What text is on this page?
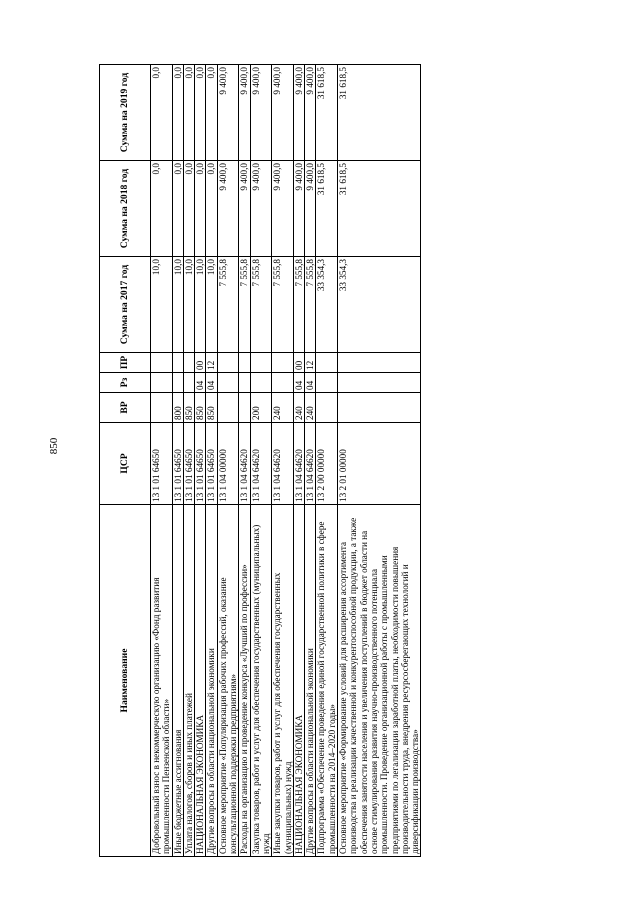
850
Наименование	ЦСР	ВР	Рз	ПР	Сумма на 2017 год	Сумма на 2018 год	Сумма на 2019 год
Добровольный взнос в некоммерческую организацию «Фонд развития промышленности Пензенской области»	13 1 01 64650				10,0	0,0	0,0
Иные бюджетные ассигнования	13 1 01 64650	800			10,0	0,0	0,0
Уплата налогов, сборов и иных платежей	13 1 01 64650	850			10,0	0,0	0,0
НАЦИОНАЛЬНАЯ ЭКОНОМИКА	13 1 01 64650	850	04	00	10,0	0,0	0,0
Другие вопросы в области национальной экономики	13 1 01 64650	850	04	12	10,0	0,0	0,0
Основное мероприятие «Популяризация рабочих профессий, оказание консультационной поддержки предприятиям»	13 1 04 00000				7 555,8	9 400,0	9 400,0
Расходы на организацию и проведение конкурса «Лучший по профессии»	13 1 04 64620				7 555,8	9 400,0	9 400,0
Закупка товаров, работ и услуг для обеспечения государственных (муниципальных) нужд	13 1 04 64620	200			7 555,8	9 400,0	9 400,0
Иные закупки товаров, работ и услуг для обеспечения государственных (муниципальных) нужд	13 1 04 64620	240			7 555,8	9 400,0	9 400,0
НАЦИОНАЛЬНАЯ ЭКОНОМИКА	13 1 04 64620	240	04	00	7 555,8	9 400,0	9 400,0
Другие вопросы в области национальной экономики	13 1 04 64620	240	04	12	7 555,8	9 400,0	9 400,0
Подпрограмма «Обеспечение проведения единой государственной политики в сфере промышленности на 2014–2020 годы»	13 2 00 00000				33 354,3	31 618,5	31 618,5
Основное мероприятие «Формирование условий для расширения ассортимента производства и реализации качественной и конкурентоспособной продукции, а также обеспечения занятости населения и увеличения поступлений в бюджет области на основе стимулирования развития научно-производственного потенциала промышленности. Проведение организационной работы с промышленными предприятиями по легализации заработной платы, необходимости повышения производительности труда, внедрения ресурсосберегающих технологий и диверсификации производства»	13 2 01 00000				33 354,3	31 618,5	31 618,5
